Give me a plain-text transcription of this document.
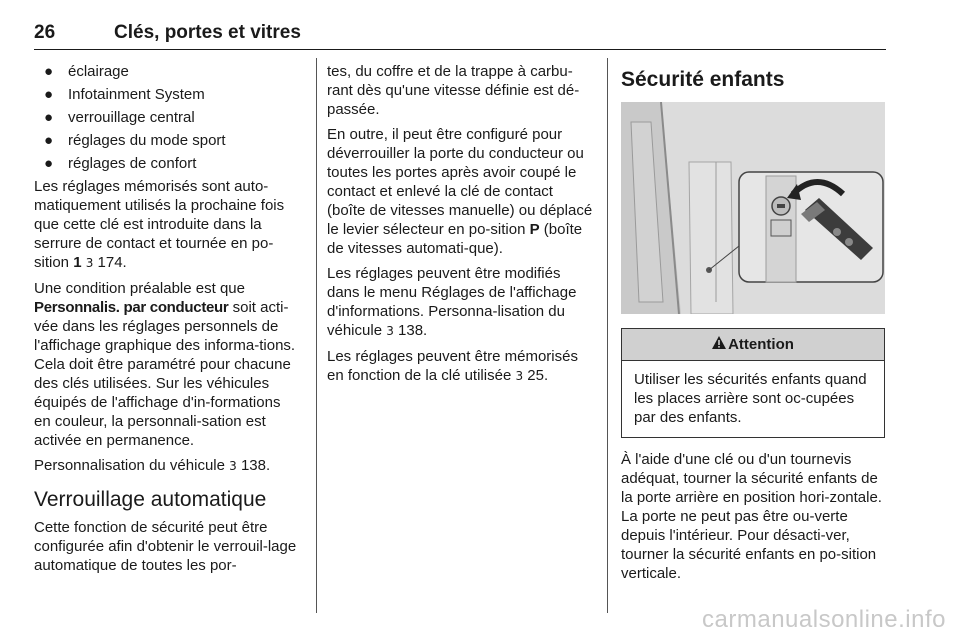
26	Clés, portes et vitres
● éclairage
● Infotainment System
● verrouillage central
● réglages du mode sport
● réglages de confort

Les réglages mémorisés sont auto-matiquement utilisés la prochaine fois que cette clé est introduite dans la serrure de contact et tournée en po-sition 1 3 174.

Une condition préalable est que Personnalis. par conducteur soit acti-vée dans les réglages personnels de l'affichage graphique des informa-tions. Cela doit être paramétré pour chacune des clés utilisées. Sur les véhicules équipés de l'affichage d'in-formations en couleur, la personnali-sation est activée en permanence.

Personnalisation du véhicule 3 138.

Verrouillage automatique

Cette fonction de sécurité peut être configurée afin d'obtenir le verrouil-lage automatique de toutes les por-

tes, du coffre et de la trappe à carbu-rant dès qu'une vitesse définie est dé-passée.

En outre, il peut être configuré pour déverrouiller la porte du conducteur ou toutes les portes après avoir coupé le contact et enlevé la clé de contact (boîte de vitesses manuelle) ou déplacé le levier sélecteur en po-sition P (boîte de vitesses automati-que).

Les réglages peuvent être modifiés dans le menu Réglages de l'affichage d'informations. Personna-lisation du véhicule 3 138.

Les réglages peuvent être mémorisés en fonction de la clé utilisée 3 25.

Sécurité enfants
Attention
Utiliser les sécurités enfants quand les places arrière sont oc-cupées par des enfants.

À l'aide d'une clé ou d'un tournevis adéquat, tourner la sécurité enfants de la porte arrière en position hori-zontale. La porte ne peut pas être ou-verte depuis l'intérieur. Pour désacti-ver, tourner la sécurité enfants en po-sition verticale.

carmanualsonline.info
